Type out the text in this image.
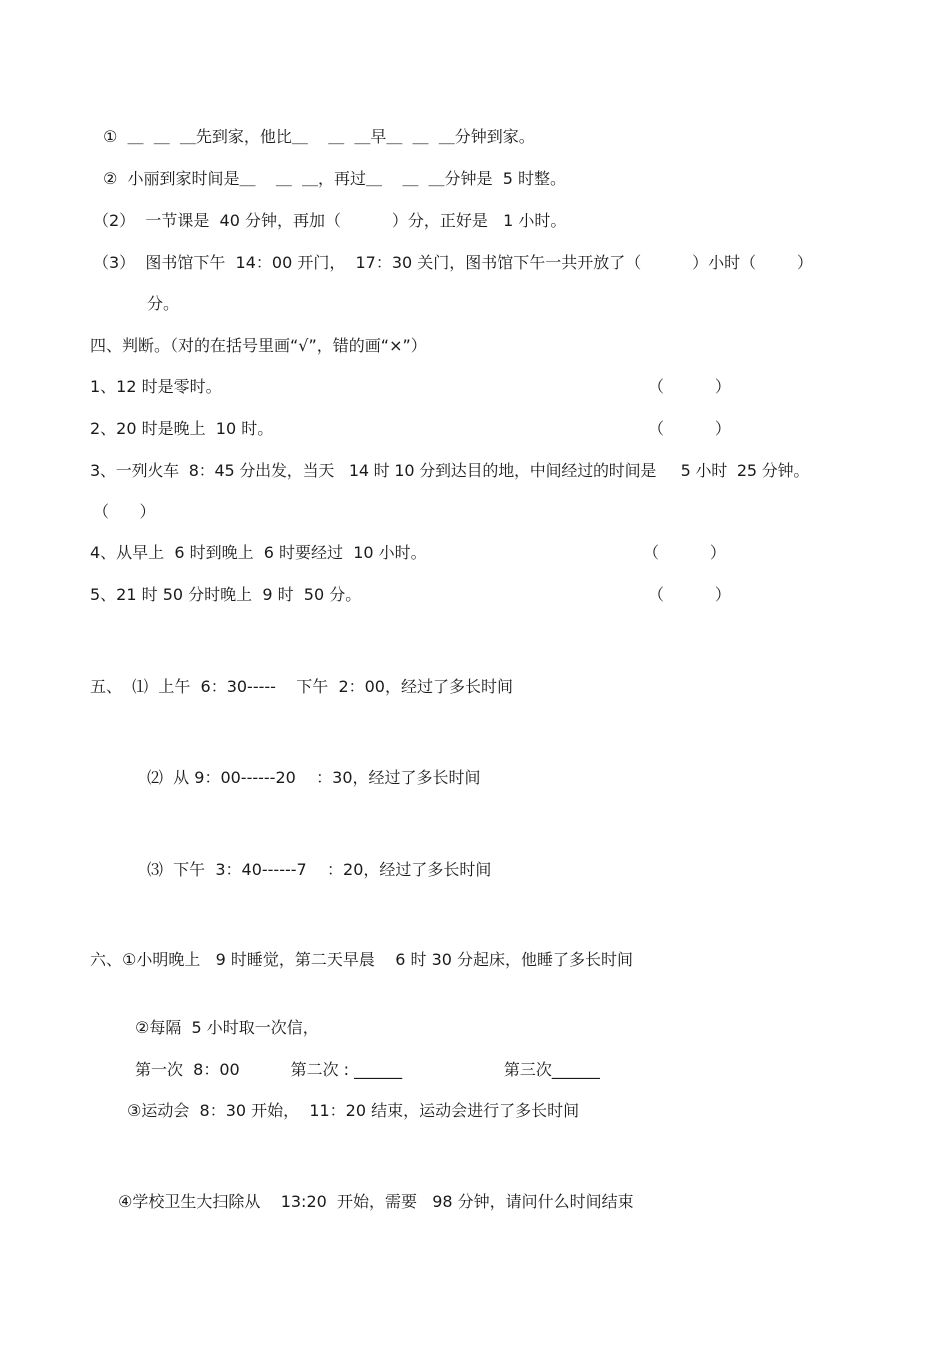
①  ＿  ＿  ＿先到家，他比＿    ＿  ＿早＿  ＿  ＿分钟到家。
②  小丽到家时间是＿    ＿  ＿，再过＿    ＿  ＿分钟是  5 时整。
（2）  一节课是  40 分钟，再加（          ）分，正好是   1 小时。
（3）  图书馆下午  14：00 开门，  17：30 关门，图书馆下午一共开放了（          ）小时（        ）
分。
四、判断。（对的在括号里画“√”，错的画“×”）
1、12 时是零时。	（          ）
2、20 时是晚上  10 时。	（          ）
3、一列火车  8：45 分出发，当天   14 时 10 分到达目的地，中间经过的时间是     5 小时  25 分钟。
（      ）
4、从早上  6 时到晚上  6 时要经过  10 小时。	（          ）
5、21 时 50 分时晚上  9 时  50 分。	（          ）
五、  ⑴  上午  6：30-----    下午  2：00，经过了多长时间
⑵  从 9：00------20    ：30，经过了多长时间
⑶  下午  3：40------7    ：20，经过了多长时间
六、①小明晚上   9 时睡觉，第二天早晨    6 时 30 分起床，他睡了多长时间
②每隔  5 小时取一次信，
第一次  8：00          第二次 : ______                    第三次______
③运动会  8：30 开始，  11：20 结束，运动会进行了多长时间
④学校卫生大扫除从    13:20  开始，需要   98 分钟，请问什么时间结束
